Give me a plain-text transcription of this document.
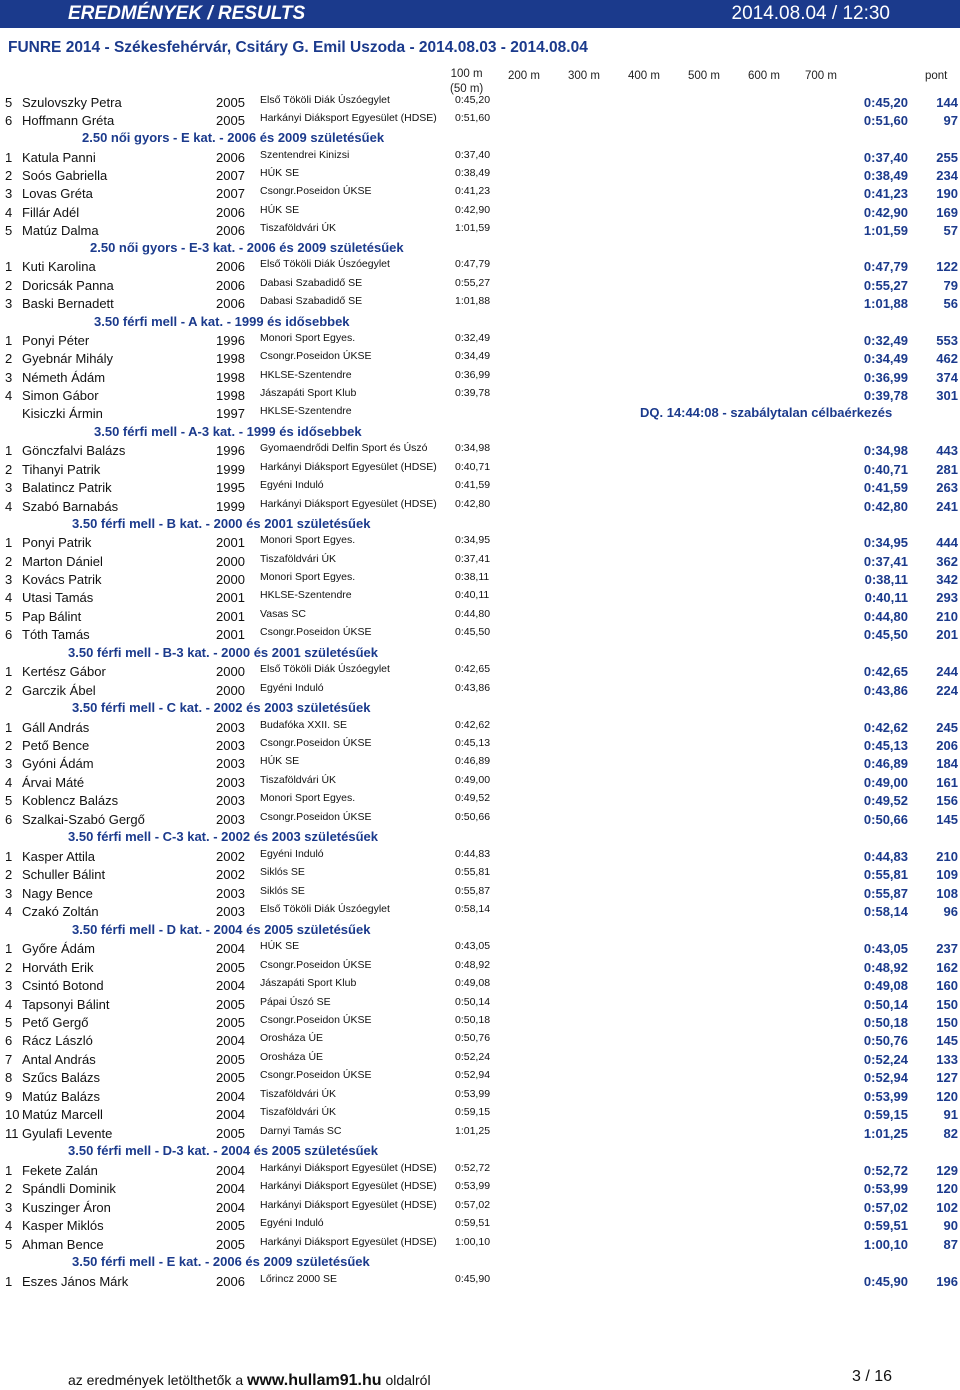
EREDMÉNYEK / RESULTS	2014.08.04 / 12:30
FUNRE 2014 - Székesfehérvár, Csitáry G. Emil Uszoda - 2014.08.03 - 2014.08.04
100 m
(50 m)
200 m 300 m 400 m 500 m 600 m 700 m	pont
5 Szulovszky Petra	2005 Első Tököli Diák Úszóegylet	0:45,20	0:45,20 144
6 Hoffmann Gréta	2005 Harkányi Diáksport Egyesület (HDSE) 0:51,60	0:51,60	97
2.50 női gyors - E kat. - 2006 és 2009 születésűek
1 Katula Panni	2006 Szentendrei Kinizsi	0:37,40	0:37,40 255
2 Soós Gabriella	2007 HÚK SE	0:38,49	0:38,49 234
3 Lovas Gréta	2007 Csongr.Poseidon ÚKSE	0:41,23	0:41,23 190
4 Fillár Adél	2006 HÚK SE	0:42,90	0:42,90 169
5 Matúz Dalma	2006 Tiszaföldvári ÚK	1:01,59	1:01,59	57
2.50 női gyors - E-3 kat. - 2006 és 2009 születésűek
1 Kuti Karolina	2006 Első Tököli Diák Úszóegylet	0:47,79	0:47,79 122
2 Doricsák Panna	2006 Dabasi Szabadidő SE	0:55,27	0:55,27	79
3 Baski Bernadett	2006 Dabasi Szabadidő SE	1:01,88	1:01,88	56
3.50 férfi mell - A kat. - 1999 és idősebbek
1 Ponyi Péter	1996 Monori Sport Egyes.	0:32,49	0:32,49 553
2 Gyebnár Mihály	1998 Csongr.Poseidon ÚKSE	0:34,49	0:34,49 462
3 Németh Ádám	1998 HKLSE-Szentendre	0:36,99	0:36,99 374
4 Simon Gábor	1998 Jászapáti Sport Klub	0:39,78	0:39,78 301
Kisiczki Ármin	1997 HKLSE-Szentendre	DQ. 14:44:08 - szabálytalan célbaérkezés
3.50 férfi mell - A-3 kat. - 1999 és idősebbek
1 Gönczfalvi Balázs	1996 Gyomaendrődi Delfin Sport és Úszó	0:34,98	0:34,98 443
2 Tihanyi Patrik	1999 Harkányi Diáksport Egyesület (HDSE) 0:40,71	0:40,71 281
3 Balatincz Patrik	1995 Egyéni Induló	0:41,59	0:41,59 263
4 Szabó Barnabás	1999 Harkányi Diáksport Egyesület (HDSE) 0:42,80	0:42,80 241
3.50 férfi mell - B kat. - 2000 és 2001 születésűek
1 Ponyi Patrik	2001 Monori Sport Egyes.	0:34,95	0:34,95 444
2 Marton Dániel	2000 Tiszaföldvári ÚK	0:37,41	0:37,41 362
3 Kovács Patrik	2000 Monori Sport Egyes.	0:38,11	0:38,11 342
4 Utasi Tamás	2001 HKLSE-Szentendre	0:40,11	0:40,11 293
5 Pap Bálint	2001 Vasas SC	0:44,80	0:44,80 210
6 Tóth Tamás	2001 Csongr.Poseidon ÚKSE	0:45,50	0:45,50 201
3.50 férfi mell - B-3 kat. - 2000 és 2001 születésűek
1 Kertész Gábor	2000 Első Tököli Diák Úszóegylet	0:42,65	0:42,65 244
2 Garczik Ábel	2000 Egyéni Induló	0:43,86	0:43,86 224
3.50 férfi mell - C kat. - 2002 és 2003 születésűek
1 Gáll András	2003 Budafóka XXII. SE	0:42,62	0:42,62 245
2 Pető Bence	2003 Csongr.Poseidon ÚKSE	0:45,13	0:45,13 206
3 Gyóni Ádám	2003 HÚK SE	0:46,89	0:46,89 184
4 Árvai Máté	2003 Tiszaföldvári ÚK	0:49,00	0:49,00 161
5 Koblencz Balázs	2003 Monori Sport Egyes.	0:49,52	0:49,52 156
6 Szalkai-Szabó Gergő	2003 Csongr.Poseidon ÚKSE	0:50,66	0:50,66 145
3.50 férfi mell - C-3 kat. - 2002 és 2003 születésűek
1 Kasper Attila	2002 Egyéni Induló	0:44,83	0:44,83 210
2 Schuller Bálint	2002 Siklós SE	0:55,81	0:55,81 109
3 Nagy Bence	2003 Siklós SE	0:55,87	0:55,87 108
4 Czakó Zoltán	2003 Első Tököli Diák Úszóegylet	0:58,14	0:58,14	96
3.50 férfi mell - D kat. - 2004 és 2005 születésűek
1 Győre Ádám	2004 HÚK SE	0:43,05	0:43,05 237
2 Horváth Erik	2005 Csongr.Poseidon ÚKSE	0:48,92	0:48,92 162
3 Csintó Botond	2004 Jászapáti Sport Klub	0:49,08	0:49,08 160
4 Tapsonyi Bálint	2005 Pápai Úszó SE	0:50,14	0:50,14 150
5 Pető Gergő	2005 Csongr.Poseidon ÚKSE	0:50,18	0:50,18 150
6 Rácz László	2004 Orosháza ÚE	0:50,76	0:50,76 145
7 Antal András	2005 Orosháza ÚE	0:52,24	0:52,24 133
8 Szűcs Balázs	2005 Csongr.Poseidon ÚKSE	0:52,94	0:52,94 127
9 Matúz Balázs	2004 Tiszaföldvári ÚK	0:53,99	0:53,99 120
10 Matúz Marcell	2004 Tiszaföldvári ÚK	0:59,15	0:59,15	91
11 Gyulafi Levente	2005 Darnyi Tamás SC	1:01,25	1:01,25	82
3.50 férfi mell - D-3 kat. - 2004 és 2005 születésűek
1 Fekete Zalán	2004 Harkányi Diáksport Egyesület (HDSE) 0:52,72	0:52,72 129
2 Spándli Dominik	2004 Harkányi Diáksport Egyesület (HDSE) 0:53,99	0:53,99 120
3 Kuszinger Áron	2004 Harkányi Diáksport Egyesület (HDSE) 0:57,02	0:57,02 102
4 Kasper Miklós	2005 Egyéni Induló	0:59,51	0:59,51	90
5 Ahman Bence	2005 Harkányi Diáksport Egyesület (HDSE) 1:00,10	1:00,10	87
3.50 férfi mell - E kat. - 2006 és 2009 születésűek
1 Eszes János Márk	2006 Lőrincz 2000 SE	0:45,90	0:45,90 196
az eredmények letölthetők a www.hullam91.hu oldalról	3 / 16
